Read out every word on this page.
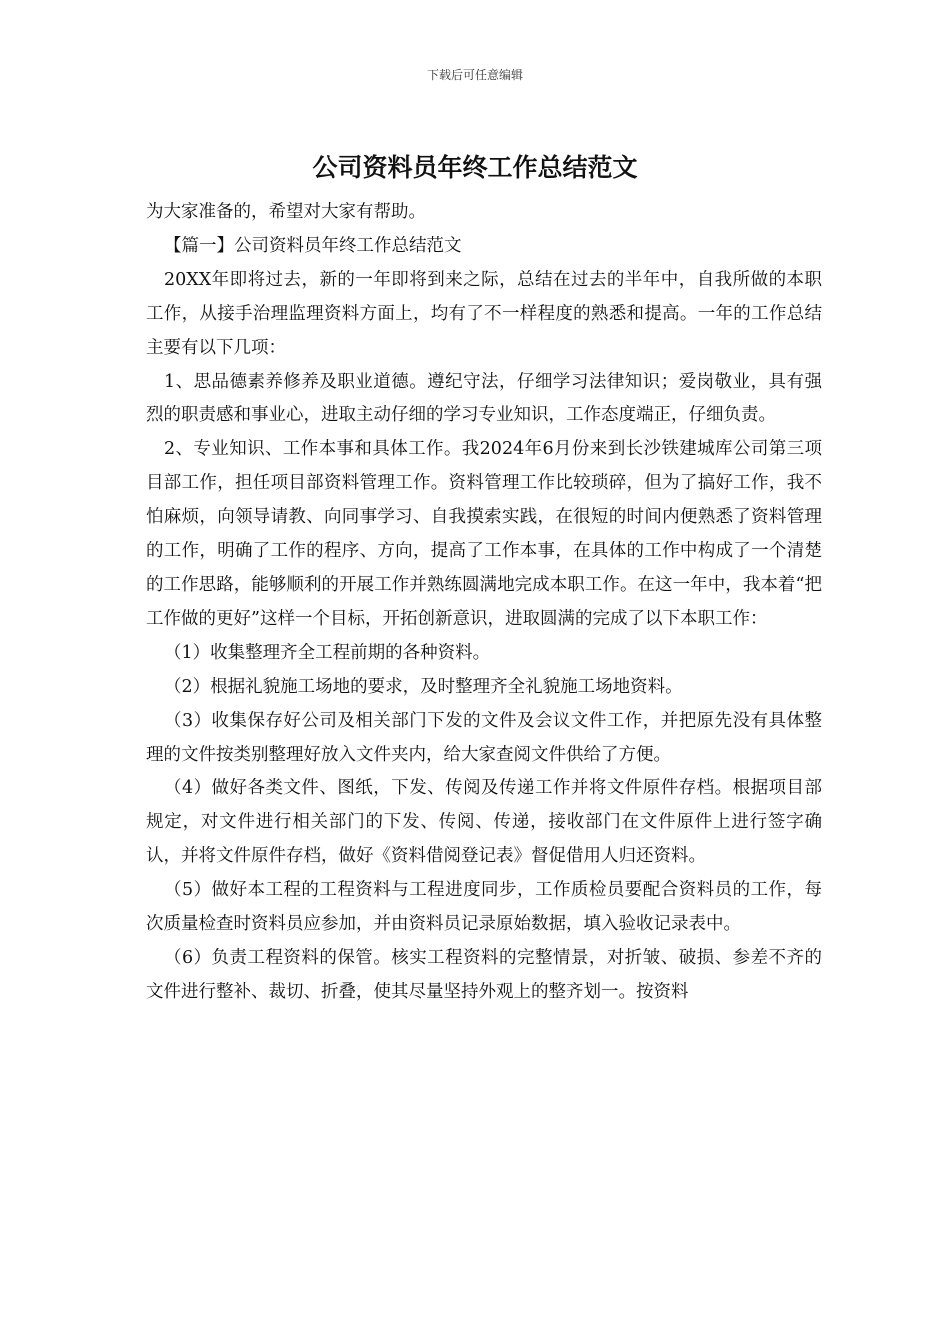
下载后可任意编辑
公司资料员年终工作总结范文

为大家准备的，希望对大家有帮助。

【篇一】公司资料员年终工作总结范文

20XX年即将过去，新的一年即将到来之际，总结在过去的半年中，自我所做的本职工作，从接手治理监理资料方面上，均有了不一样程度的熟悉和提高。一年的工作总结主要有以下几项：

1、思品德素养修养及职业道德。遵纪守法，仔细学习法律知识；爱岗敬业，具有强烈的职责感和事业心，进取主动仔细的学习专业知识，工作态度端正，仔细负责。

2、专业知识、工作本事和具体工作。我2024年6月份来到长沙铁建城库公司第三项目部工作，担任项目部资料管理工作。资料管理工作比较琐碎，但为了搞好工作，我不怕麻烦，向领导请教、向同事学习、自我摸索实践，在很短的时间内便熟悉了资料管理的工作，明确了工作的程序、方向，提高了工作本事，在具体的工作中构成了一个清楚的工作思路，能够顺利的开展工作并熟练圆满地完成本职工作。在这一年中，我本着“把工作做的更好”这样一个目标，开拓创新意识，进取圆满的完成了以下本职工作：

（1）收集整理齐全工程前期的各种资料。

（2）根据礼貌施工场地的要求，及时整理齐全礼貌施工场地资料。

（3）收集保存好公司及相关部门下发的文件及会议文件工作，并把原先没有具体整理的文件按类别整理好放入文件夹内，给大家查阅文件供给了方便。

（4）做好各类文件、图纸，下发、传阅及传递工作并将文件原件存档。根据项目部规定，对文件进行相关部门的下发、传阅、传递，接收部门在文件原件上进行签字确认，并将文件原件存档，做好《资料借阅登记表》督促借用人归还资料。

（5）做好本工程的工程资料与工程进度同步，工作质检员要配合资料员的工作，每次质量检查时资料员应参加，并由资料员记录原始数据，填入验收记录表中。

（6）负责工程资料的保管。核实工程资料的完整情景，对折皱、破损、参差不齐的文件进行整补、裁切、折叠，使其尽量坚持外观上的整齐划一。按资料
